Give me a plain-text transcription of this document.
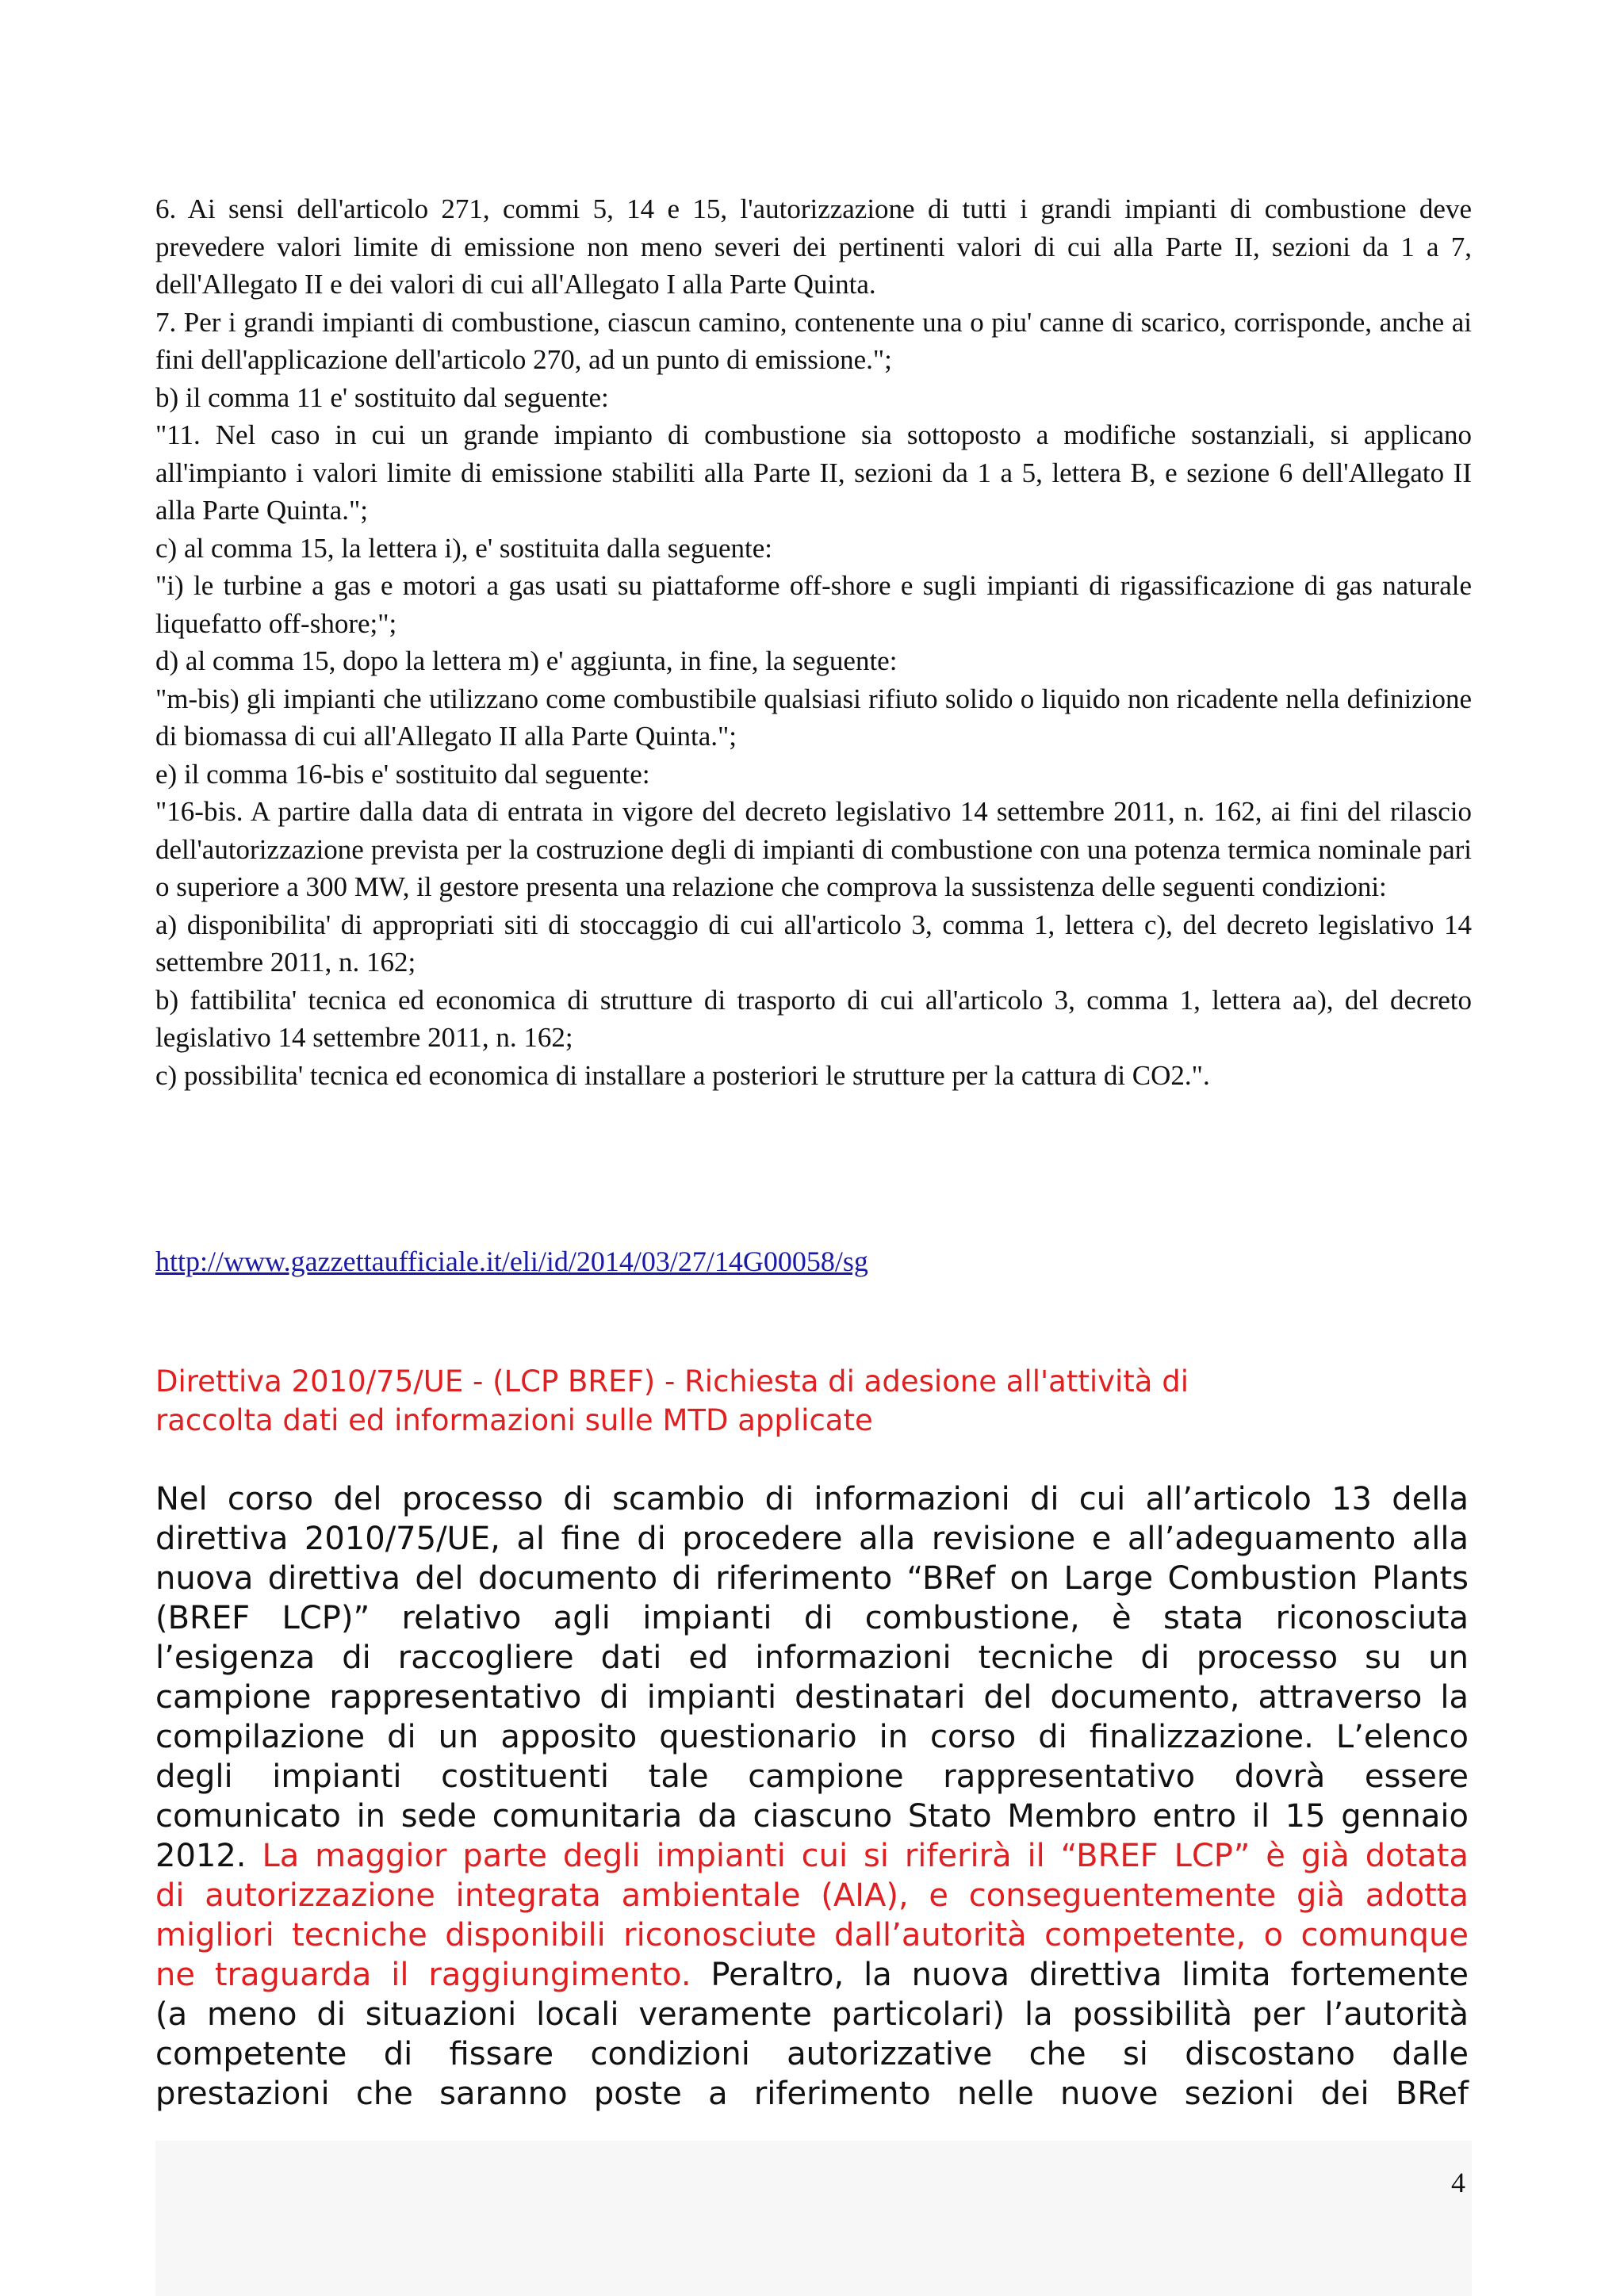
6. Ai sensi dell'articolo 271, commi 5, 14 e 15, l'autorizzazione di tutti i grandi impianti di combustione deve prevedere valori limite di emissione non meno severi dei pertinenti valori di cui alla Parte II, sezioni da 1 a 7, dell'Allegato II e dei valori di cui all'Allegato I alla Parte Quinta.

7. Per i grandi impianti di combustione, ciascun camino, contenente una o piu' canne di scarico, corrisponde, anche ai fini dell'applicazione dell'articolo 270, ad un punto di emissione.";

b) il comma 11 e' sostituito dal seguente:

"11. Nel caso in cui un grande impianto di combustione sia sottoposto a modifiche sostanziali, si applicano all'impianto i valori limite di emissione stabiliti alla Parte II, sezioni da 1 a 5, lettera B, e sezione 6 dell'Allegato II alla Parte Quinta.";

c) al comma 15, la lettera i), e' sostituita dalla seguente:

"i) le turbine a gas e motori a gas usati su piattaforme off-shore e sugli impianti di rigassificazione di gas naturale liquefatto off-shore;";

d) al comma 15, dopo la lettera m) e' aggiunta, in fine, la seguente:

"m-bis) gli impianti che utilizzano come combustibile qualsiasi rifiuto solido o liquido non ricadente nella definizione di biomassa di cui all'Allegato II alla Parte Quinta.";

e) il comma 16-bis e' sostituito dal seguente:

"16-bis. A partire dalla data di entrata in vigore del decreto legislativo 14 settembre 2011, n. 162, ai fini del rilascio dell'autorizzazione prevista per la costruzione degli di impianti di combustione con una potenza termica nominale pari o superiore a 300 MW, il gestore presenta una relazione che comprova la sussistenza delle seguenti condizioni:

a) disponibilita' di appropriati siti di stoccaggio di cui all'articolo 3, comma 1, lettera c), del decreto legislativo 14 settembre 2011, n. 162;

b) fattibilita' tecnica ed economica di strutture di trasporto di cui all'articolo 3, comma 1, lettera aa), del decreto legislativo 14 settembre 2011, n. 162;

c) possibilita' tecnica ed economica di installare a posteriori le strutture per la cattura di CO2.".

http://www.gazzettaufficiale.it/eli/id/2014/03/27/14G00058/sg
Direttiva 2010/75/UE - (LCP BREF) - Richiesta di adesione all'attività di
raccolta dati ed informazioni sulle MTD applicate

Nel corso del processo di scambio di informazioni di cui all’articolo 13 della

direttiva 2010/75/UE, al fine di procedere alla revisione e all’adeguamento alla

nuova direttiva del documento di riferimento “BRef on Large Combustion Plants

(BREF LCP)” relativo agli impianti di combustione, è stata riconosciuta

l’esigenza di raccogliere dati ed informazioni tecniche di processo su un

campione rappresentativo di impianti destinatari del documento, attraverso la

compilazione di un apposito questionario in corso di finalizzazione. L’elenco

degli impianti costituenti tale campione rappresentativo dovrà essere

comunicato in sede comunitaria da ciascuno Stato Membro entro il 15 gennaio

2012. La maggior parte degli impianti cui si riferirà il “BREF LCP” è già dotata

di autorizzazione integrata ambientale (AIA), e conseguentemente già adotta

migliori tecniche disponibili riconosciute dall’autorità competente, o comunque

ne traguarda il raggiungimento. Peraltro, la nuova direttiva limita fortemente

(a meno di situazioni locali veramente particolari) la possibilità per l’autorità

competente di fissare condizioni autorizzative che si discostano dalle

prestazioni che saranno poste a riferimento nelle nuove sezioni dei BRef

4
